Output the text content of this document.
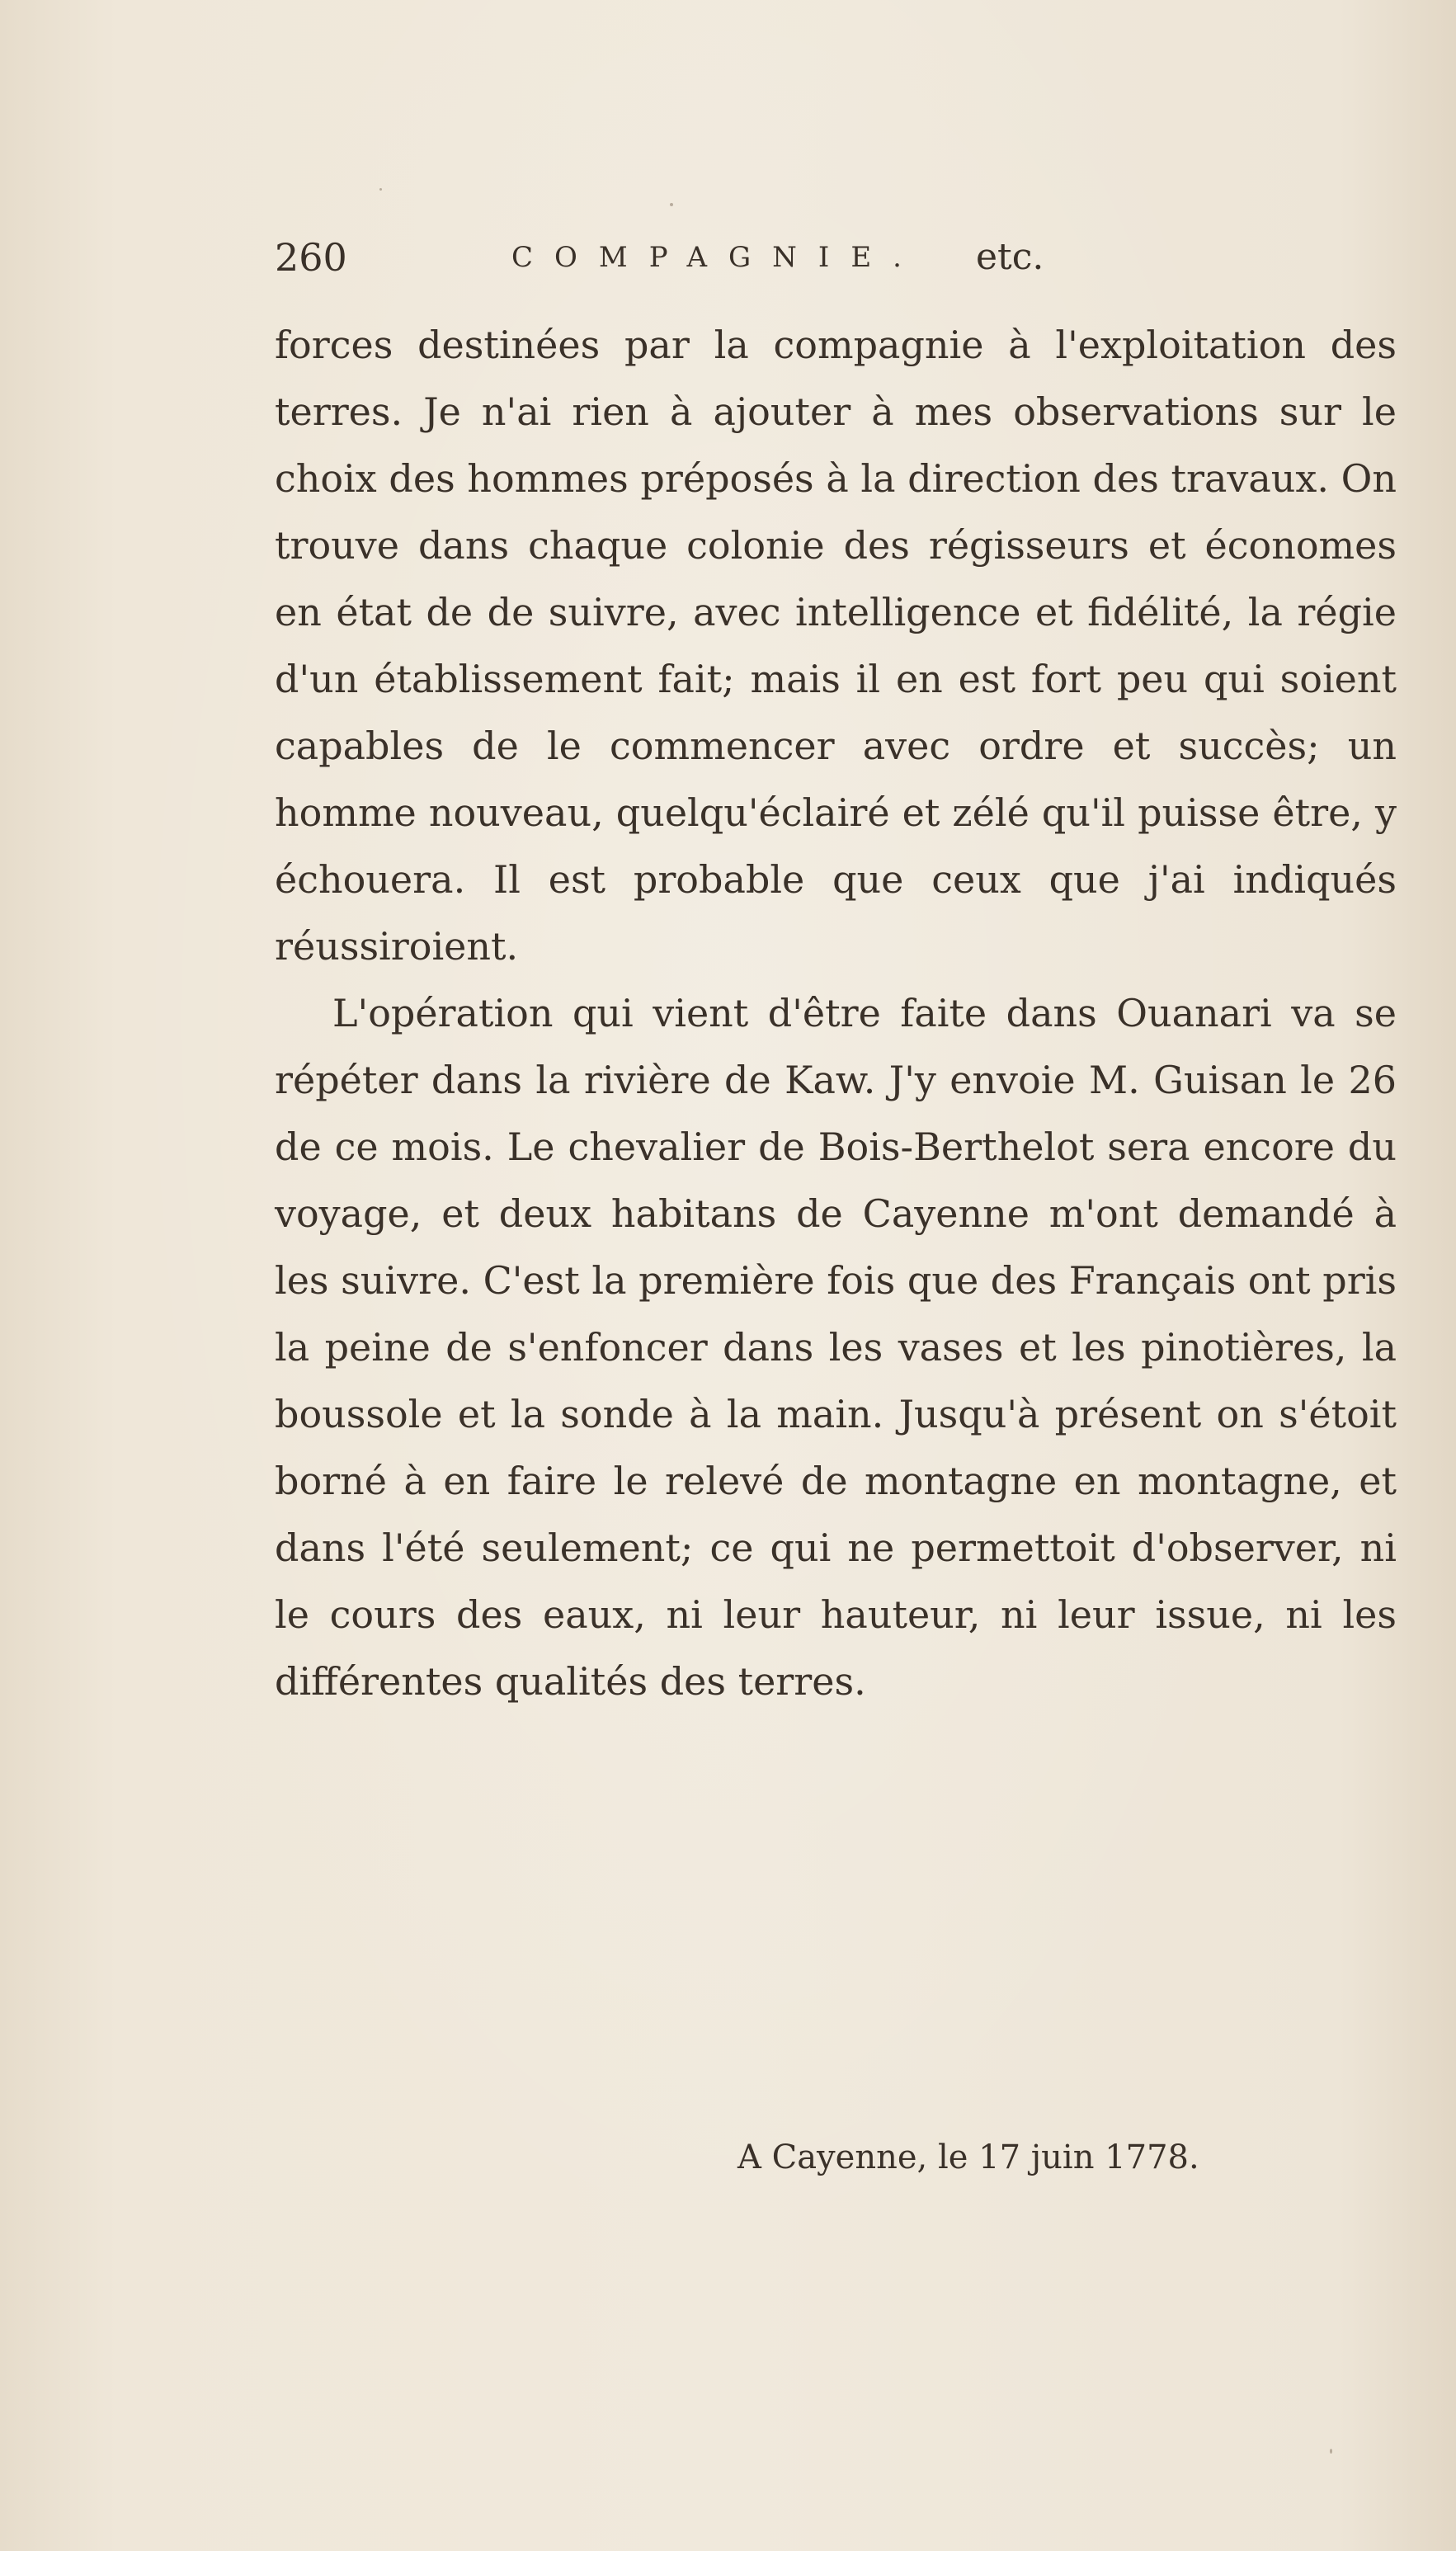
260	COMPAGNIE. etc.

forces destinées par la compagnie à l'exploitation des terres. Je n'ai rien à ajouter à mes observations sur le choix des hommes préposés à la direction des travaux. On trouve dans chaque colonie des régisseurs et économes en état de de suivre, avec intelligence et fidélité, la régie d'un établissement fait; mais il en est fort peu qui soient capables de le commencer avec ordre et succès; un homme nouveau, quelqu'éclairé et zélé qu'il puisse être, y échouera. Il est probable que ceux que j'ai indiqués réussiroient.

L'opération qui vient d'être faite dans Ouanari va se répéter dans la rivière de Kaw. J'y envoie M. Guisan le 26 de ce mois. Le chevalier de Bois-Berthelot sera encore du voyage, et deux habitans de Cayenne m'ont demandé à les suivre. C'est la première fois que des Français ont pris la peine de s'enfoncer dans les vases et les pinotières, la boussole et la sonde à la main. Jusqu'à présent on s'étoit borné à en faire le relevé de montagne en montagne, et dans l'été seulement; ce qui ne permettoit d'observer, ni le cours des eaux, ni leur hauteur, ni leur issue, ni les différentes qualités des terres.

A Cayenne, le 17 juin 1778.
